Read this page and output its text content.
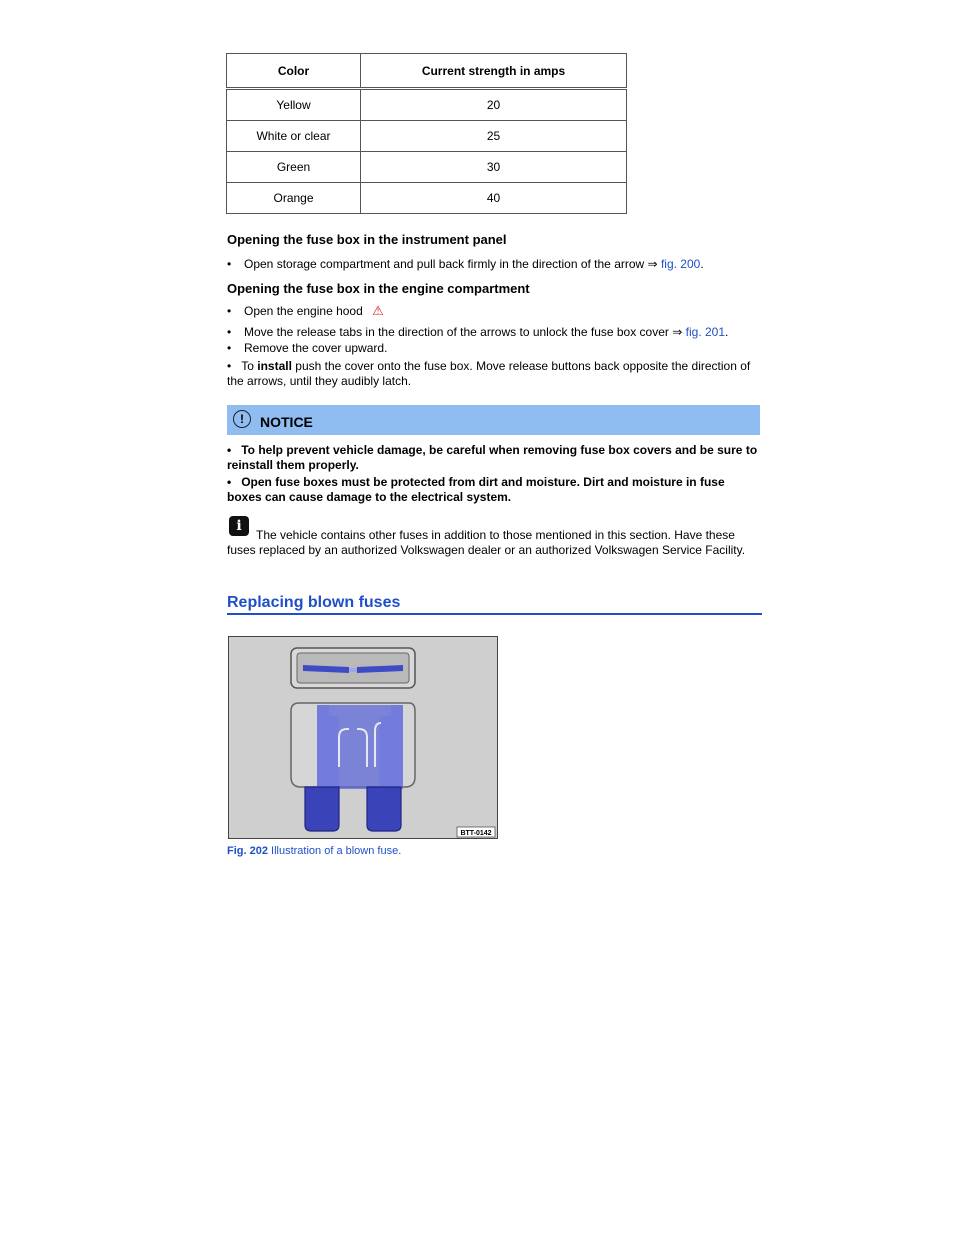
Color	Current strength in amps
Yellow	20
White or clear	25
Green	30
Orange	40
Opening the fuse box in the instrument panel
• Open storage compartment and pull back firmly in the direction of the arrow ⇒ fig. 200.
Opening the fuse box in the engine compartment
• Open the engine hood ⚠
• Move the release tabs in the direction of the arrows to unlock the fuse box cover ⇒ fig. 201.
• Remove the cover upward.
• To install push the cover onto the fuse box. Move release buttons back opposite the direction of the arrows, until they audibly latch.
!	NOTICE
• To help prevent vehicle damage, be careful when removing fuse box covers and be sure to reinstall them properly.
• Open fuse boxes must be protected from dirt and moisture. Dirt and moisture in fuse boxes can cause damage to the electrical system.
i
The vehicle contains other fuses in addition to those mentioned in this section. Have these fuses replaced by an authorized Volkswagen dealer or an authorized Volkswagen Service Facility.
Replacing blown fuses
BTT-0142
Fig. 202 Illustration of a blown fuse.
